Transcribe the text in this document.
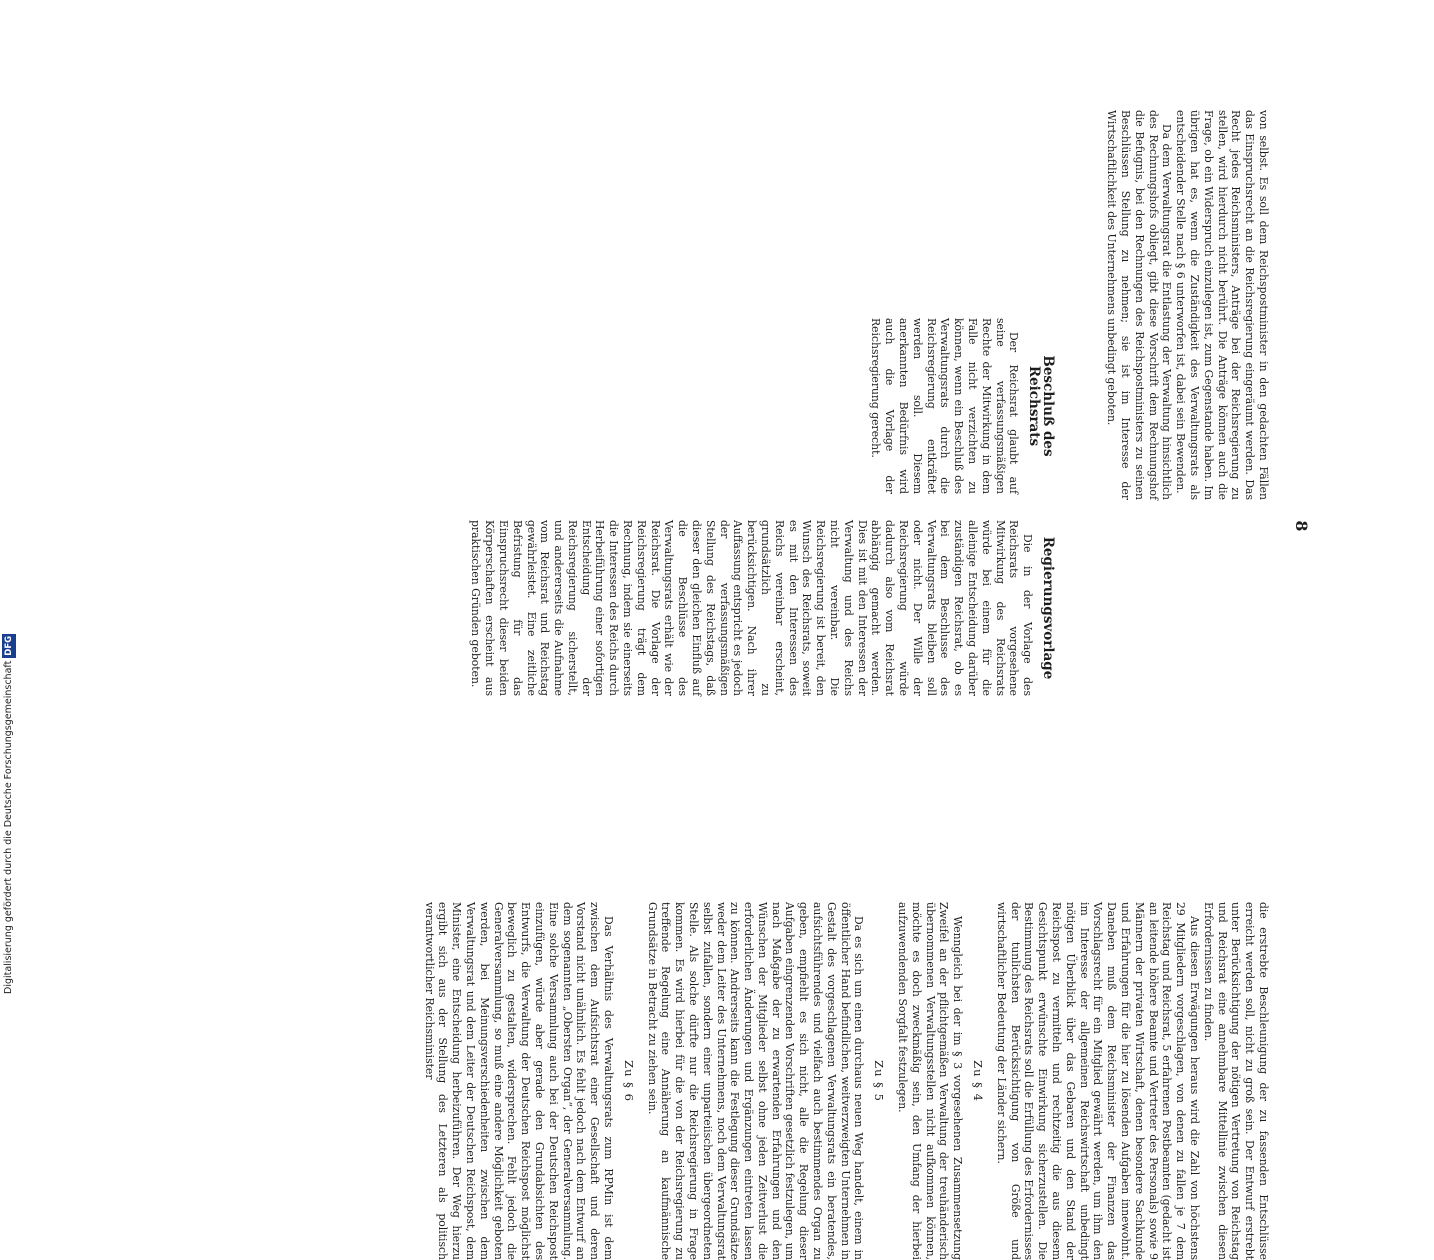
8

von selbst. Es soll dem Reichspostminister in den gedachten Fällen das Einspruchsrecht an die Reichsregierung eingeräumt werden. Das Recht jedes Reichsministers, Anträge bei der Reichsregierung zu stellen, wird hierdurch nicht berührt. Die Anträge können auch die Frage, ob ein Widerspruch einzulegen ist, zum Gegenstande haben. Im übrigen hat es, wenn die Zuständigkeit des Verwaltungsrats als entscheidender Stelle nach § 6 unterworfen ist, dabei sein Bewenden.

Da dem Verwaltungsrat die Entlastung der Verwaltung hinsichtlich des Rechnungshofs obliegt, gibt diese Vorschrift dem Rechnungshof die Befugnis, bei den Rechnungen des Reichspostministers zu seinen Beschlüssen Stellung zu nehmen; sie ist im Interesse der Wirtschaftlichkeit des Unternehmens unbedingt geboten.

Regierungsvorlage

Die in der Vorlage des Reichsrats vorgesehene Mitwirkung des Reichsrats würde bei einem für die alleinige Entscheidung darüber zuständigen Reichsrat, ob es bei dem Beschlusse des Verwaltungsrats bleiben soll oder nicht. Der Wille der Reichsregierung würde dadurch also vom Reichsrat abhängig gemacht werden. Dies ist mit den Interessen der Verwaltung und des Reichs nicht vereinbar. Die Reichsregierung ist bereit, den Wunsch des Reichsrats, soweit es mit den Interessen des Reichs vereinbar erscheint, grundsätzlich zu berücksichtigen. Nach ihrer Auffassung entspricht es jedoch der verfassungsmäßigen Stellung des Reichstags, daß dieser den gleichen Einfluß auf die Beschlüsse des Verwaltungsrats erhält wie der Reichsrat. Die Vorlage der Reichsregierung trägt dem Rechnung, indem sie einerseits die Interessen des Reichs durch Herbeiführung einer sofortigen Entscheidung der Reichsregierung sicherstellt, und andererseits die Aufnahme vom Reichsrat und Reichstag gewährleistet. Eine zeitliche Befristung für das Einspruchsrecht dieser beiden Körperschaften erscheint aus praktischen Gründen geboten.

Beschluß des Reichsrats

Der Reichsrat glaubt auf seine verfassungsmäßigen Rechte der Mitwirkung in dem Falle nicht verzichten zu können, wenn ein Beschluß des Verwaltungsrats durch die Reichsregierung entkräftet werden soll. Diesem anerkannten Bedürfnis wird auch die Vorlage der Reichsregierung gerecht.

die erstrebte Beschleunigung der zu fassenden Entschlüsse erreicht werden soll, nicht zu groß sein. Der Entwurf erstrebt unter Berücksichtigung der nötigen Vertretung von Reichstag und Reichsrat eine annehmbare Mittellinie zwischen diesen Erfordernissen zu finden.

Aus diesen Erwägungen heraus wird die Zahl von höchstens 29 Mitgliedern vorgeschlagen, von denen zu fallen je 7 dem Reichstag und Reichsrat, 5 erfahrenen Postbeamten (gedacht ist an leitende höhere Beamte und Vertreter des Personals) sowie 9 Männern der privaten Wirtschaft, denen besondere Sachkunde und Erfahrungen für die hier zu lösenden Aufgaben innewohnt. Daneben muß dem Reichsminister der Finanzen das Vorschlagsrecht für ein Mitglied gewährt werden, um ihm den im Interesse der allgemeinen Reichswirtschaft unbedingt nötigen Überblick über das Gebaren und den Stand der Reichspost zu vermitteln und rechtzeitig die aus diesem Gesichtspunkt erwünschte Einwirkung sicherzustellen. Die Bestimmung des Reichsrats soll die Erfüllung des Erfordernisses der tunlichsten Berücksichtigung von Größe und wirtschaftlicher Bedeutung der Länder sichern.

Zu § 4

Wenngleich bei der im § 3 vorgesehenen Zusammensetzung Zweifel an der pflichtgemäßen Verwaltung der treuhänderisch übernommenen Verwaltungsstellen nicht aufkommen können, möchte es doch zweckmäßig sein, den Umfang der hierbei aufzuwendenden Sorgfalt festzulegen.

Zu § 5

Da es sich um einen durchaus neuen Weg handelt, einem in öffentlicher Hand befindlichen, weitverzweigten Unternehmen in Gestalt des vorgeschlagenen Verwaltungsrats ein beratendes, aufsichtsführendes und vielfach auch bestimmendes Organ zu geben, empfiehlt es sich nicht, alle die Regelung dieser Aufgaben eingrenzenden Vorschriften gesetzlich festzulegen, um nach Maßgabe der zu erwartenden Erfahrungen und den Wünschen der Mitglieder selbst ohne jeden Zeitverlust die erforderlichen Änderungen und Ergänzungen eintreten lassen zu können. Andrerseits kann die Festlegung dieser Grundsätze weder dem Leiter des Unternehmens, noch dem Verwaltungsrat selbst zufallen, sondern einer unparteiischen übergeordneten Stelle. Als solche dürfte nur die Reichsregierung in Frage kommen. Es wird hierbei für die von der Reichsregierung zu treffende Regelung eine Annäherung an kaufmännische Grundsätze in Betracht zu ziehen sein.

Zu § 6

Das Verhältnis des Verwaltungsrats zum RPMin ist dem zwischen dem Aufsichtsrat einer Gesellschaft und deren Vorstand nicht unähnlich. Es fehlt jedoch nach dem Entwurf an dem sogenannten „Obersten Organ“, der Generalversammlung. Eine solche Versammlung auch bei der Deutschen Reichspost einzufügen, würde aber gerade den Grundabsichten des Entwurfs, die Verwaltung der Deutschen Reichspost möglichst beweglich zu gestalten, widersprechen. Fehlt jedoch die Generalversammlung, so muß eine andere Möglichkeit geboten werden, bei Meinungsverschiedenheiten zwischen dem Verwaltungsrat und dem Leiter der Deutschen Reichspost, dem Minister, eine Entscheidung herbeizuführen. Der Weg hierzu ergibt sich aus der Stellung des Letzteren als politisch verantwortlicher Reichsminister

Digitalisierung gefördert durch die Deutsche ForschungsgemeinschaftDFG
